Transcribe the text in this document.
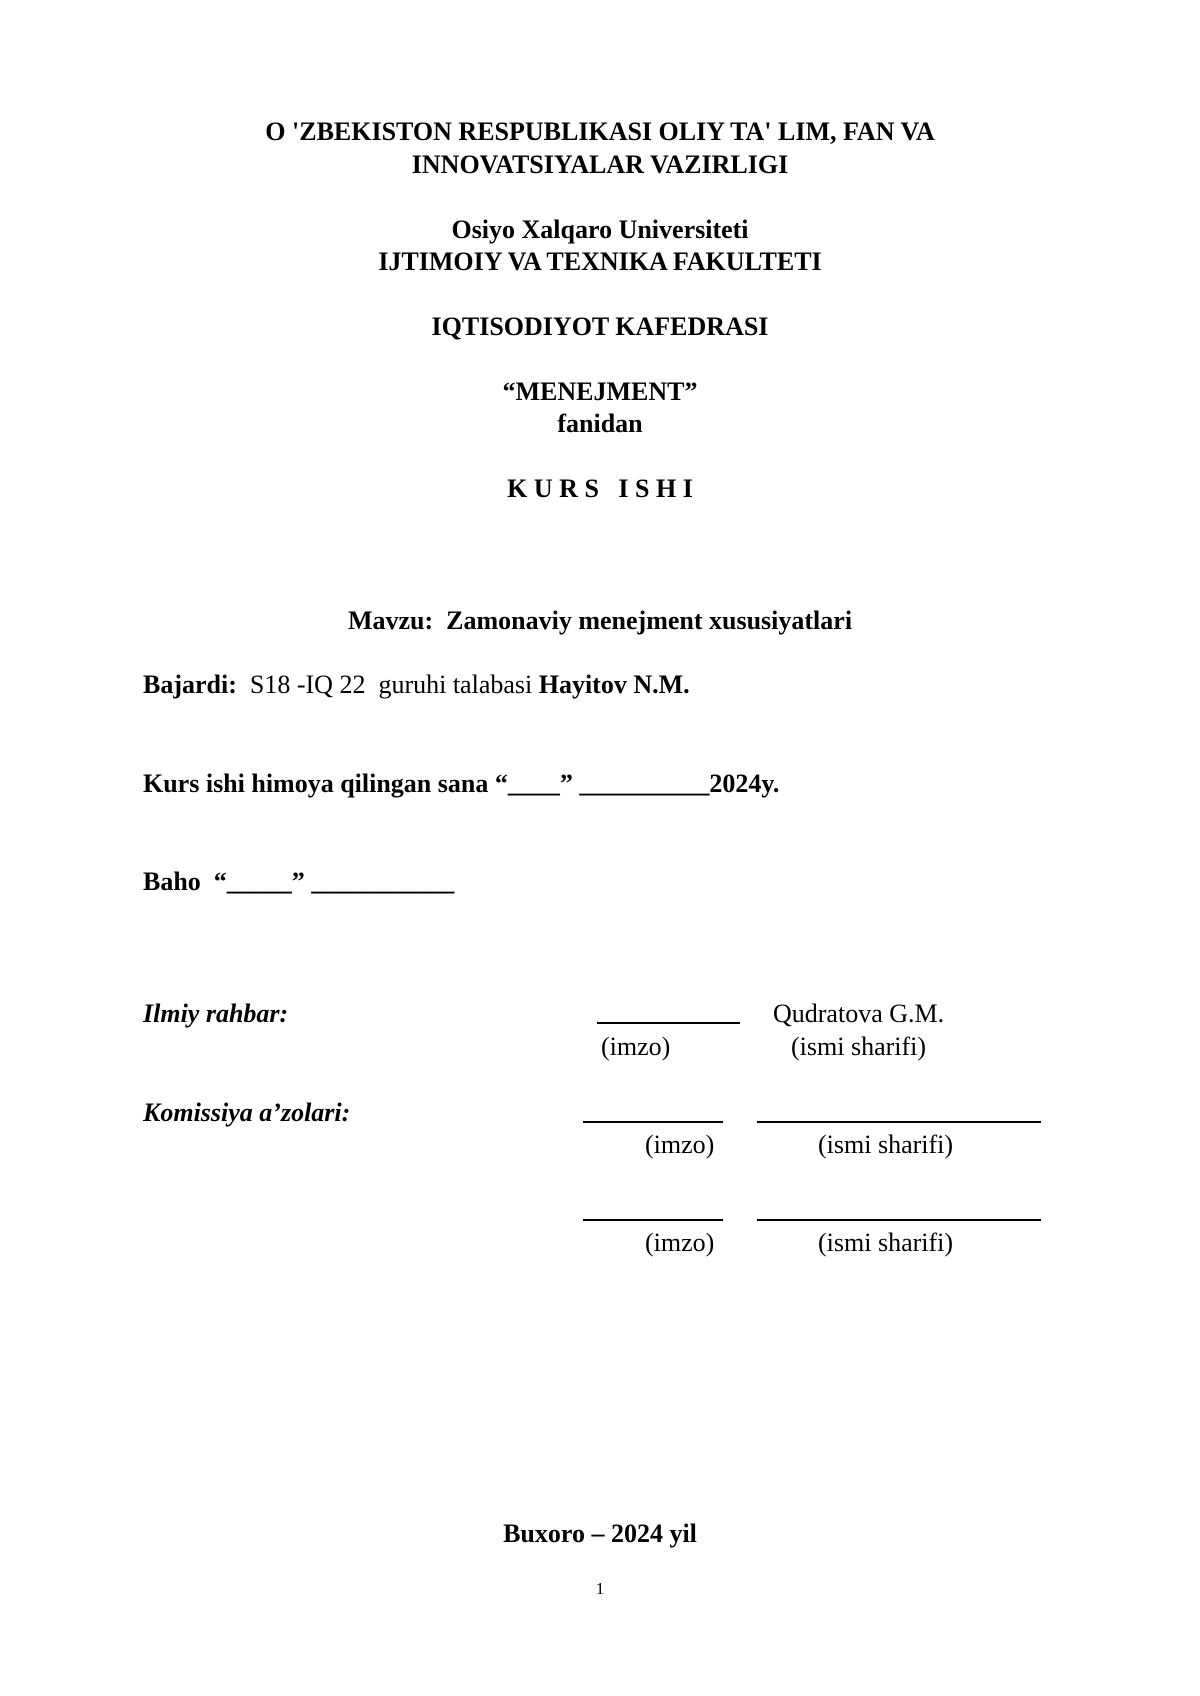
O 'ZBEKISTON RESPUBLIKASI OLIY TA' LIM, FAN VA
INNOVATSIYALAR VAZIRLIGI
Osiyo Xalqaro Universiteti
IJTIMOIY VA TEXNIKA FAKULTETI
IQTISODIYOT KAFEDRASI
“MENEJMENT”
fanidan
K U R S   I S H I
Mavzu: Zamonaviy menejment xususiyatlari
Bajardi: S18 -IQ 22  guruhi talabasi Hayitov N.M.
Kurs ishi himoya qilingan sana “____” __________2024y.
Baho  “_____” ___________
Ilmiy rahbar:	Qudratova G.M.
(imzo)	(ismi sharifi)
Komissiya a’zolari:
(imzo)	(ismi sharifi)
(imzo)	(ismi sharifi)
Buxoro – 2024 yil
1
